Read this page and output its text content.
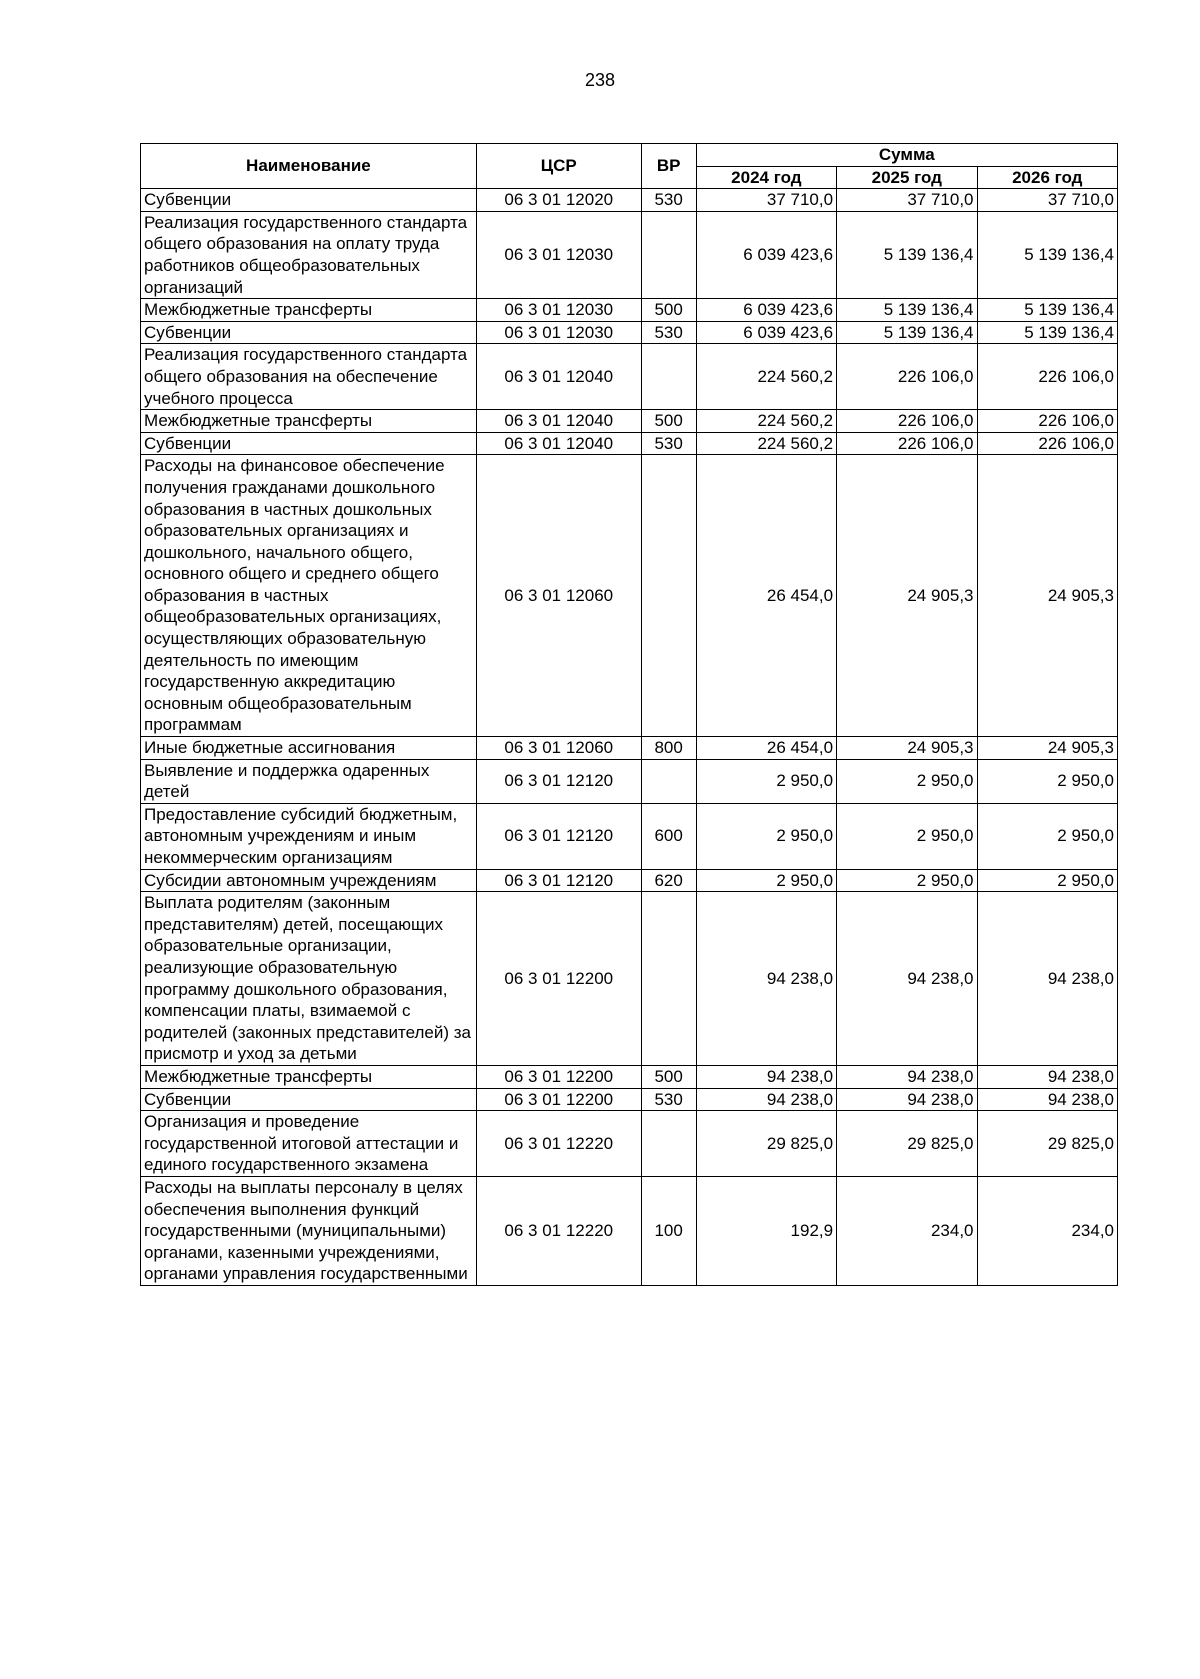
238
Наименование	ЦСР	ВР	Сумма		
			2024 год	2025 год	2026 год
Субвенции	06 3 01 12020	530	37 710,0	37 710,0	37 710,0
Реализация государственного стандарта общего образования на оплату труда работников общеобразовательных организаций	06 3 01 12030		6 039 423,6	5 139 136,4	5 139 136,4
Межбюджетные трансферты	06 3 01 12030	500	6 039 423,6	5 139 136,4	5 139 136,4
Субвенции	06 3 01 12030	530	6 039 423,6	5 139 136,4	5 139 136,4
Реализация государственного стандарта общего образования на обеспечение учебного процесса	06 3 01 12040		224 560,2	226 106,0	226 106,0
Межбюджетные трансферты	06 3 01 12040	500	224 560,2	226 106,0	226 106,0
Субвенции	06 3 01 12040	530	224 560,2	226 106,0	226 106,0
Расходы на финансовое обеспечение получения гражданами дошкольного образования в частных дошкольных образовательных организациях и дошкольного, начального общего, основного общего и среднего общего образования в частных общеобразовательных организациях, осуществляющих образовательную деятельность по имеющим государственную аккредитацию основным общеобразовательным программам	06 3 01 12060		26 454,0	24 905,3	24 905,3
Иные бюджетные ассигнования	06 3 01 12060	800	26 454,0	24 905,3	24 905,3
Выявление и поддержка одаренных детей	06 3 01 12120		2 950,0	2 950,0	2 950,0
Предоставление субсидий бюджетным, автономным учреждениям и иным некоммерческим организациям	06 3 01 12120	600	2 950,0	2 950,0	2 950,0
Субсидии автономным учреждениям	06 3 01 12120	620	2 950,0	2 950,0	2 950,0
Выплата родителям (законным представителям) детей, посещающих образовательные организации, реализующие образовательную программу дошкольного образования, компенсации платы, взимаемой с родителей (законных представителей) за присмотр и уход за детьми	06 3 01 12200		94 238,0	94 238,0	94 238,0
Межбюджетные трансферты	06 3 01 12200	500	94 238,0	94 238,0	94 238,0
Субвенции	06 3 01 12200	530	94 238,0	94 238,0	94 238,0
Организация и проведение государственной итоговой аттестации и единого государственного экзамена	06 3 01 12220		29 825,0	29 825,0	29 825,0
Расходы на выплаты персоналу в целях обеспечения выполнения функций государственными (муниципальными) органами, казенными учреждениями, органами управления государственными	06 3 01 12220	100	192,9	234,0	234,0
